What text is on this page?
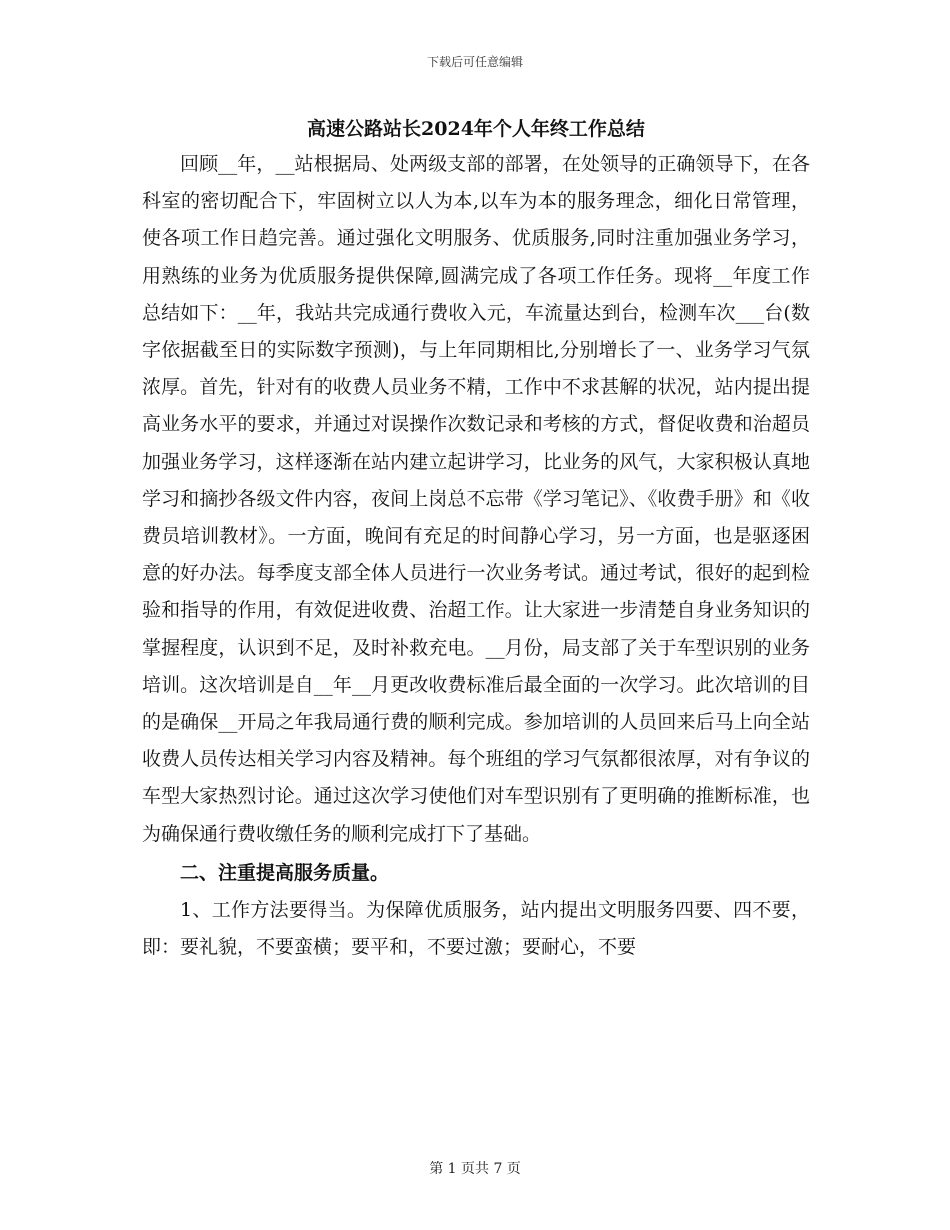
下载后可任意编辑
高速公路站长2024年个人年终工作总结

回顾__年，__站根据局、处两级支部的部署，在处领导的正确领导下，在各科室的密切配合下，牢固树立以人为本,以车为本的服务理念，细化日常管理，使各项工作日趋完善。通过强化文明服务、优质服务,同时注重加强业务学习，用熟练的业务为优质服务提供保障,圆满完成了各项工作任务。现将__年度工作总结如下：__年，我站共完成通行费收入元，车流量达到台，检测车次___台(数字依据截至日的实际数字预测)，与上年同期相比,分别增长了一、业务学习气氛浓厚。首先，针对有的收费人员业务不精，工作中不求甚解的状况，站内提出提高业务水平的要求，并通过对误操作次数记录和考核的方式，督促收费和治超员加强业务学习，这样逐渐在站内建立起讲学习，比业务的风气，大家积极认真地学习和摘抄各级文件内容，夜间上岗总不忘带《学习笔记》、《收费手册》和《收费员培训教材》。一方面，晚间有充足的时间静心学习，另一方面，也是驱逐困意的好办法。每季度支部全体人员进行一次业务考试。通过考试，很好的起到检验和指导的作用，有效促进收费、治超工作。让大家进一步清楚自身业务知识的掌握程度，认识到不足，及时补救充电。__月份，局支部了关于车型识别的业务培训。这次培训是自__年__月更改收费标准后最全面的一次学习。此次培训的目的是确保__开局之年我局通行费的顺利完成。参加培训的人员回来后马上向全站收费人员传达相关学习内容及精神。每个班组的学习气氛都很浓厚，对有争议的车型大家热烈讨论。通过这次学习使他们对车型识别有了更明确的推断标准，也为确保通行费收缴任务的顺利完成打下了基础。

二、注重提高服务质量。

1、工作方法要得当。为保障优质服务，站内提出文明服务四要、四不要，即：要礼貌，不要蛮横；要平和，不要过激；要耐心，不要

第 1 页共 7 页
